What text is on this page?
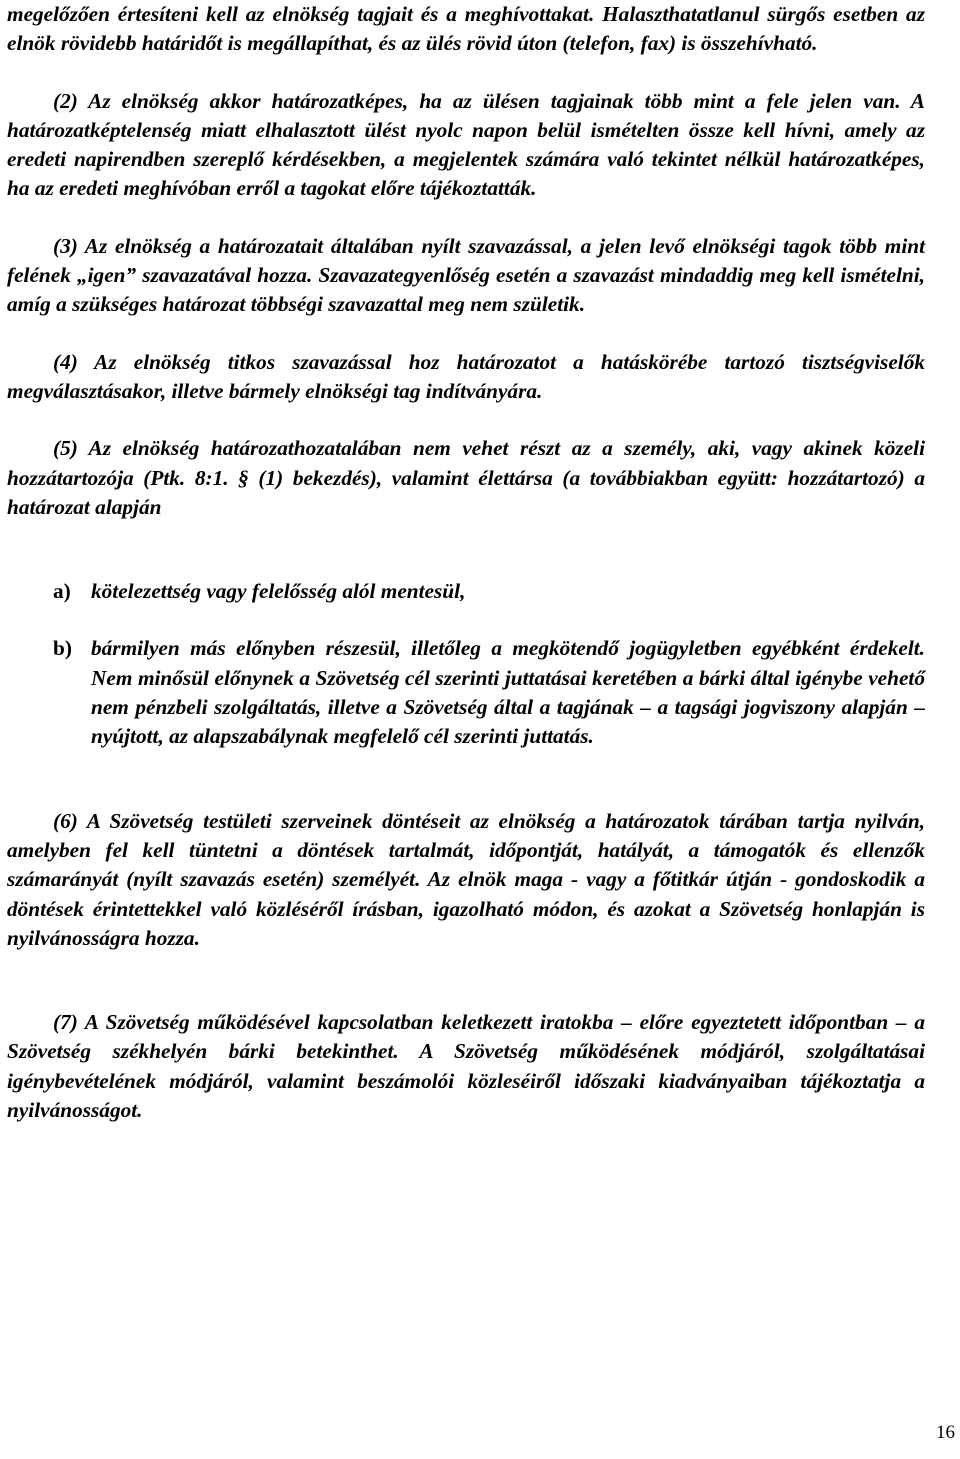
megelőzően értesíteni kell az elnökség tagjait és a meghívottakat. Halaszthatatlanul sürgős esetben az elnök rövidebb határidőt is megállapíthat, és az ülés rövid úton (telefon, fax) is összehívható.

(2) Az elnökség akkor határozatképes, ha az ülésen tagjainak több mint a fele jelen van. A határozatképtelenség miatt elhalasztott ülést nyolc napon belül ismételten össze kell hívni, amely az eredeti napirendben szereplő kérdésekben, a megjelentek számára való tekintet nélkül határozatképes, ha az eredeti meghívóban erről a tagokat előre tájékoztatták.

(3) Az elnökség a határozatait általában nyílt szavazással, a jelen levő elnökségi tagok több mint felének „igen” szavazatával hozza. Szavazategyenlőség esetén a szavazást mindaddig meg kell ismételni, amíg a szükséges határozat többségi szavazattal meg nem születik.

(4) Az elnökség titkos szavazással hoz határozatot a hatáskörébe tartozó tisztségviselők megválasztásakor, illetve bármely elnökségi tag indítványára.

(5) Az elnökség határozathozatalában nem vehet részt az a személy, aki, vagy akinek közeli hozzátartozója (Ptk. 8:1. § (1) bekezdés), valamint élettársa (a továbbiakban együtt: hozzátartozó) a határozat alapján

a) kötelezettség vagy felelősség alól mentesül,
b) bármilyen más előnyben részesül, illetőleg a megkötendő jogügyletben egyébként érdekelt. Nem minősül előnynek a Szövetség cél szerinti juttatásai keretében a bárki által igénybe vehető nem pénzbeli szolgáltatás, illetve a Szövetség által a tagjának – a tagsági jogviszony alapján – nyújtott, az alapszabálynak megfelelő cél szerinti juttatás.

(6) A Szövetség testületi szerveinek döntéseit az elnökség a határozatok tárában tartja nyilván, amelyben fel kell tüntetni a döntések tartalmát, időpontját, hatályát, a támogatók és ellenzők számarányát (nyílt szavazás esetén) személyét. Az elnök maga - vagy a főtitkár útján - gondoskodik a döntések érintettekkel való közléséről írásban, igazolható módon, és azokat a Szövetség honlapján is nyilvánosságra hozza.

(7) A Szövetség működésével kapcsolatban keletkezett iratokba – előre egyeztetett időpontban – a Szövetség székhelyén bárki betekinthet. A Szövetség működésének módjáról, szolgáltatásai igénybevételének módjáról, valamint beszámolói közleséiről időszaki kiadványaiban tájékoztatja a nyilvánosságot.

16
